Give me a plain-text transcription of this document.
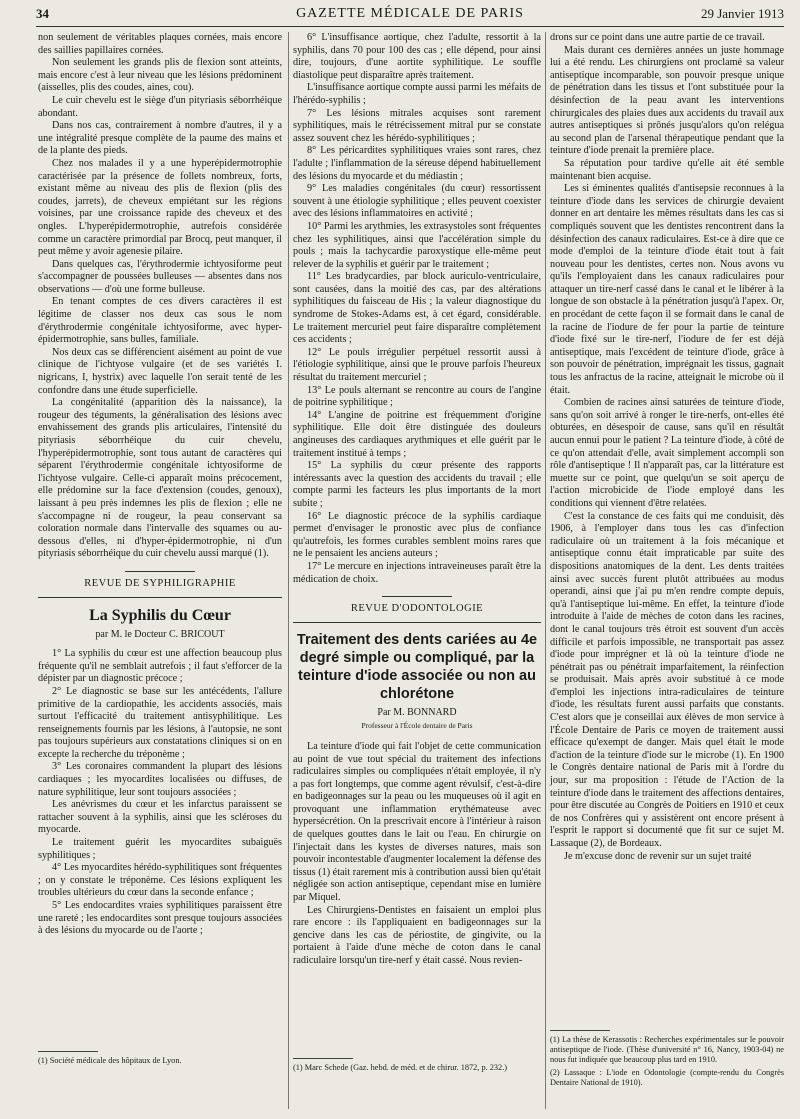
34	GAZETTE MÉDICALE DE PARIS	29 Janvier 1913

non seulement de véritables plaques cornées, mais encore des saillies papillaires cornées.

Non seulement les grands plis de flexion sont atteints, mais encore c'est à leur niveau que les lésions prédominent (aisselles, plis des coudes, aines, cou).

Le cuir chevelu est le siège d'un pityriasis séborrhéique abondant.

Dans nos cas, contrairement à nombre d'autres, il y a une intégralité presque complète de la paume des mains et de la plante des pieds.

Chez nos malades il y a une hyperépidermotrophie caractérisée par la présence de follets nombreux, forts, existant même au niveau des plis de flexion (plis des coudes, jarrets), de cheveux empiétant sur les régions voisines, par une croissance rapide des cheveux et des ongles. L'hyperépidermotrophie, autrefois considérée comme un caractère primordial par Brocq, peut manquer, il peut même y avoir agenesie pilaire.

Dans quelques cas, l'érythrodermie ichtyosiforme peut s'accompagner de poussées bulleuses — absentes dans nos observations — d'où une forme bulleuse.

En tenant comptes de ces divers caractères il est légitime de classer nos deux cas sous le nom d'érythrodermie congénitale ichtyosiforme, avec hyper-épidermotrophie, sans bulles, familiale.

Nos deux cas se différencient aisément au point de vue clinique de l'ichtyose vulgaire (et de ses variétés I. nigricans, I, hystrix) avec laquelle l'on serait tenté de les confondre dans une étude superficielle.

La congénitalité (apparition dès la naissance), la rougeur des téguments, la généralisation des lésions avec envahissement des grands plis articulaires, l'intensité du pityriasis séborrhéique du cuir chevelu, l'hyperépidermotrophie, sont tous autant de caractères qui séparent l'érythrodermie congénitale ichtyosiforme de l'ichtyose vulgaire. Celle-ci apparaît moins précocement, elle prédomine sur la face d'extension (coudes, genoux), laissant à peu près indemnes les plis de flexion ; elle ne s'accompagne ni de rougeur, la peau conservant sa coloration normale dans l'intervalle des squames ou au-dessous d'elles, ni d'hyper-épidermotrophie, ni d'un pityriasis séborrhéique du cuir chevelu aussi marqué (1).

REVUE DE SYPHILIGRAPHIE
La Syphilis du Cœur
par M. le Docteur C. BRICOUT

1° La syphilis du cœur est une affection beaucoup plus fréquente qu'il ne semblait autrefois ; il faut s'efforcer de la dépister par un diagnostic précoce ;

2° Le diagnostic se base sur les antécédents, l'allure primitive de la cardiopathie, les accidents associés, mais surtout l'efficacité du traitement antisyphilitique. Les renseignements fournis par les lésions, à l'autopsie, ne sont pas toujours supérieurs aux constatations cliniques si on en excepte la recherche du tréponème ;

3° Les coronaires commandent la plupart des lésions cardiaques ; les myocardites localisées ou diffuses, de nature syphilitique, leur sont toujours associées ;

Les anévrismes du cœur et les infarctus paraissent se rattacher souvent à la syphilis, ainsi que les scléroses du myocarde.

Le traitement guérit les myocardites subaiguës syphilitiques ;

4° Les myocardites hérédo-syphilitiques sont fréquentes ; on y constate le tréponème. Ces lésions expliquent les troubles ultérieurs du cœur dans la seconde enfance ;

5° Les endocardites vraies syphilitiques paraissent être une rareté ; les endocardites sont presque toujours associées à des lésions du myocarde ou de l'aorte ;

(1) Société médicale des hôpitaux de Lyon.

6° L'insuffisance aortique, chez l'adulte, ressortit à la syphilis, dans 70 pour 100 des cas ; elle dépend, pour ainsi dire, toujours, d'une aortite syphilitique. Le souffle diastolique peut disparaître après traitement.

L'insuffisance aortique compte aussi parmi les méfaits de l'hérédo-syphilis ;

7° Les lésions mitrales acquises sont rarement syphilitiques, mais le rétrécissement mitral pur se constate assez souvent chez les hérédo-syphilitiques ;

8° Les péricardites syphilitiques vraies sont rares, chez l'adulte ; l'inflammation de la séreuse dépend habituellement des lésions du myocarde et du médiastin ;

9° Les maladies congénitales (du cœur) ressortissent souvent à une étiologie syphilitique ; elles peuvent coexister avec des lésions inflammatoires en activité ;

10° Parmi les arythmies, les extrasystoles sont fréquentes chez les syphilitiques, ainsi que l'accélération simple du pouls ; mais la tachycardie paroxystique elle-même peut relever de la syphilis et guérir par le traitement ;

11° Les bradycardies, par block auriculo-ventriculaire, sont causées, dans la moitié des cas, par des altérations syphilitiques du faisceau de His ; la valeur diagnostique du syndrome de Stokes-Adams est, à cet égard, considérable. Le traitement mercuriel peut faire disparaître complètement ces accidents ;

12° Le pouls irrégulier perpétuel ressortit aussi à l'étiologie syphilitique, ainsi que le prouve parfois l'heureux résultat du traitement mercuriel ;

13° Le pouls alternant se rencontre au cours de l'angine de poitrine syphilitique ;

14° L'angine de poitrine est fréquemment d'origine syphilitique. Elle doit être distinguée des douleurs angineuses des cardiaques arythmiques et elle guérit par le traitement institué à temps ;

15° La syphilis du cœur présente des rapports intéressants avec la question des accidents du travail ; elle compte parmi les facteurs les plus importants de la mort subite ;

16° Le diagnostic précoce de la syphilis cardiaque permet d'envisager le pronostic avec plus de confiance qu'autrefois, les formes curables semblent moins rares que ne le pensaient les anciens auteurs ;

17° Le mercure en injections intraveineuses paraît être la médication de choix.

REVUE D'ODONTOLOGIE
Traitement des dents cariées au 4e degré simple ou compliqué, par la teinture d'iode associée ou non au chlorétone
Par M. BONNARD
Professeur à l'École dentaire de Paris

La teinture d'iode qui fait l'objet de cette communication au point de vue tout spécial du traitement des infections radiculaires simples ou compliquées n'était employée, il n'y a pas fort longtemps, que comme agent révulsif, c'est-à-dire en badigeonnages sur la peau ou les muqueuses où il agit en provoquant une inflammation erythémateuse avec hypersécrétion. On la prescrivait encore à l'intérieur à raison de quelques gouttes dans le lait ou l'eau. En chirurgie on l'injectait dans les kystes de diverses natures, mais son pouvoir incontestable d'augmenter localement la défense des tissus (1) était rarement mis à contribution aussi bien qu'était négligée son action antiseptique, cependant mise en lumière par Miquel.

Les Chirurgiens-Dentistes en faisaient un emploi plus rare encore : ils l'appliquaient en badigeonnages sur la gencive dans les cas de périostite, de gingivite, ou la portaient à l'aide d'une mèche de coton dans le canal radiculaire lorsqu'un tire-nerf y était cassé. Nous revien-

(1) Marc Schede (Gaz. hebd. de méd. et de chirur. 1872, p. 232.)

drons sur ce point dans une autre partie de ce travail.

Mais durant ces dernières années un juste hommage lui a été rendu. Les chirurgiens ont proclamé sa valeur antiseptique incomparable, son pouvoir presque unique de pénétration dans les tissus et l'ont substituée pour la désinfection de la peau avant les interventions chirurgicales des plaies dues aux accidents du travail aux autres antiseptiques si prônés jusqu'alors qu'on relégua au second plan de l'arsenal thérapeutique pendant que la teinture d'iode prenait la première place.

Sa réputation pour tardive qu'elle ait été semble maintenant bien acquise.

Les si éminentes qualités d'antisepsie reconnues à la teinture d'iode dans les services de chirurgie devaient donner en art dentaire les mêmes résultats dans les cas si compliqués souvent que les dentistes rencontrent dans la désinfection des canaux radiculaires. Est-ce à dire que ce mode d'emploi de la teinture d'iode était tout à fait nouveau pour les dentistes, certes non. Nous avons vu qu'ils l'employaient dans les canaux radiculaires pour attaquer un tire-nerf cassé dans le canal et le libérer à la longue de son obstacle à la pénétration jusqu'à l'apex. Or, en procédant de cette façon il se formait dans le canal de la racine de l'iodure de fer pour la partie de teinture d'iode fixé sur le tire-nerf, l'iodure de fer est déjà antiseptique, mais l'excédent de teinture d'iode, grâce à son pouvoir de pénétration, imprégnait les tissus, gagnait tous les anfractus de la racine, atteignait le microbe où il était.

Combien de racines ainsi saturées de teinture d'iode, sans qu'on soit arrivé à ronger le tire-nerfs, ont-elles été obturées, en désespoir de cause, sans qu'il en résultât aucun ennui pour le patient ? La teinture d'iode, à côté de ce qu'on attendait d'elle, avait simplement accompli son rôle d'antiseptique ! Il n'apparaît pas, car la littérature est muette sur ce point, que quelqu'un se soit aperçu de l'action microbicide de l'iode employé dans les conditions qui viennent d'être relatées.

C'est la constance de ces faits qui me conduisit, dès 1906, à l'employer dans tous les cas d'infection radiculaire où un traitement à la fois mécanique et antiseptique connu était impraticable par suite des dispositions anatomiques de la dent. Les dents traitées ainsi avec succès furent plutôt attribuées au modus operandi, ainsi que j'ai pu m'en rendre compte depuis, qu'à l'antiseptique lui-même. En effet, la teinture d'iode introduite à l'aide de mèches de coton dans les racines, dont le canal toujours très étroit est souvent d'un accès difficile et parfois impossible, ne transportait pas assez d'iode pour imprégner et là où la teinture d'iode ne pénétrait pas ou pénétrait imparfaitement, la réinfection se produisait. Mais après avoir substitué à ce mode d'emploi les injections intra-radiculaires de teinture d'iode, les résultats furent aussi parfaits que constants. C'est alors que je conseillai aux élèves de mon service à l'École Dentaire de Paris ce moyen de traitement aussi efficace qu'exempt de danger. Mais quel était le mode d'action de la teinture d'iode sur le microbe (1). En 1900 le Congrès dentaire national de Paris mit à l'ordre du jour, sur ma proposition : l'étude de l'Action de la teinture d'iode dans le traitement des affections dentaires, pour être discutée au Congrès de Poitiers en 1910 et ceux de nos Confrères qui y assistèrent ont encore présent à l'esprit le rapport si documenté que fit sur ce sujet M. Lassaque (2), de Bordeaux.

Je m'excuse donc de revenir sur un sujet traité

(1) La thèse de Kerassotis : Recherches expérimentales sur le pouvoir antiseptique de l'iode. (Thèse d'université n° 16, Nancy, 1903-04) ne nous fut indiquée que beaucoup plus tard en 1910.
(2) Lassaque : L'iode en Odontologie (compte-rendu du Congrès Dentaire National de 1910).
